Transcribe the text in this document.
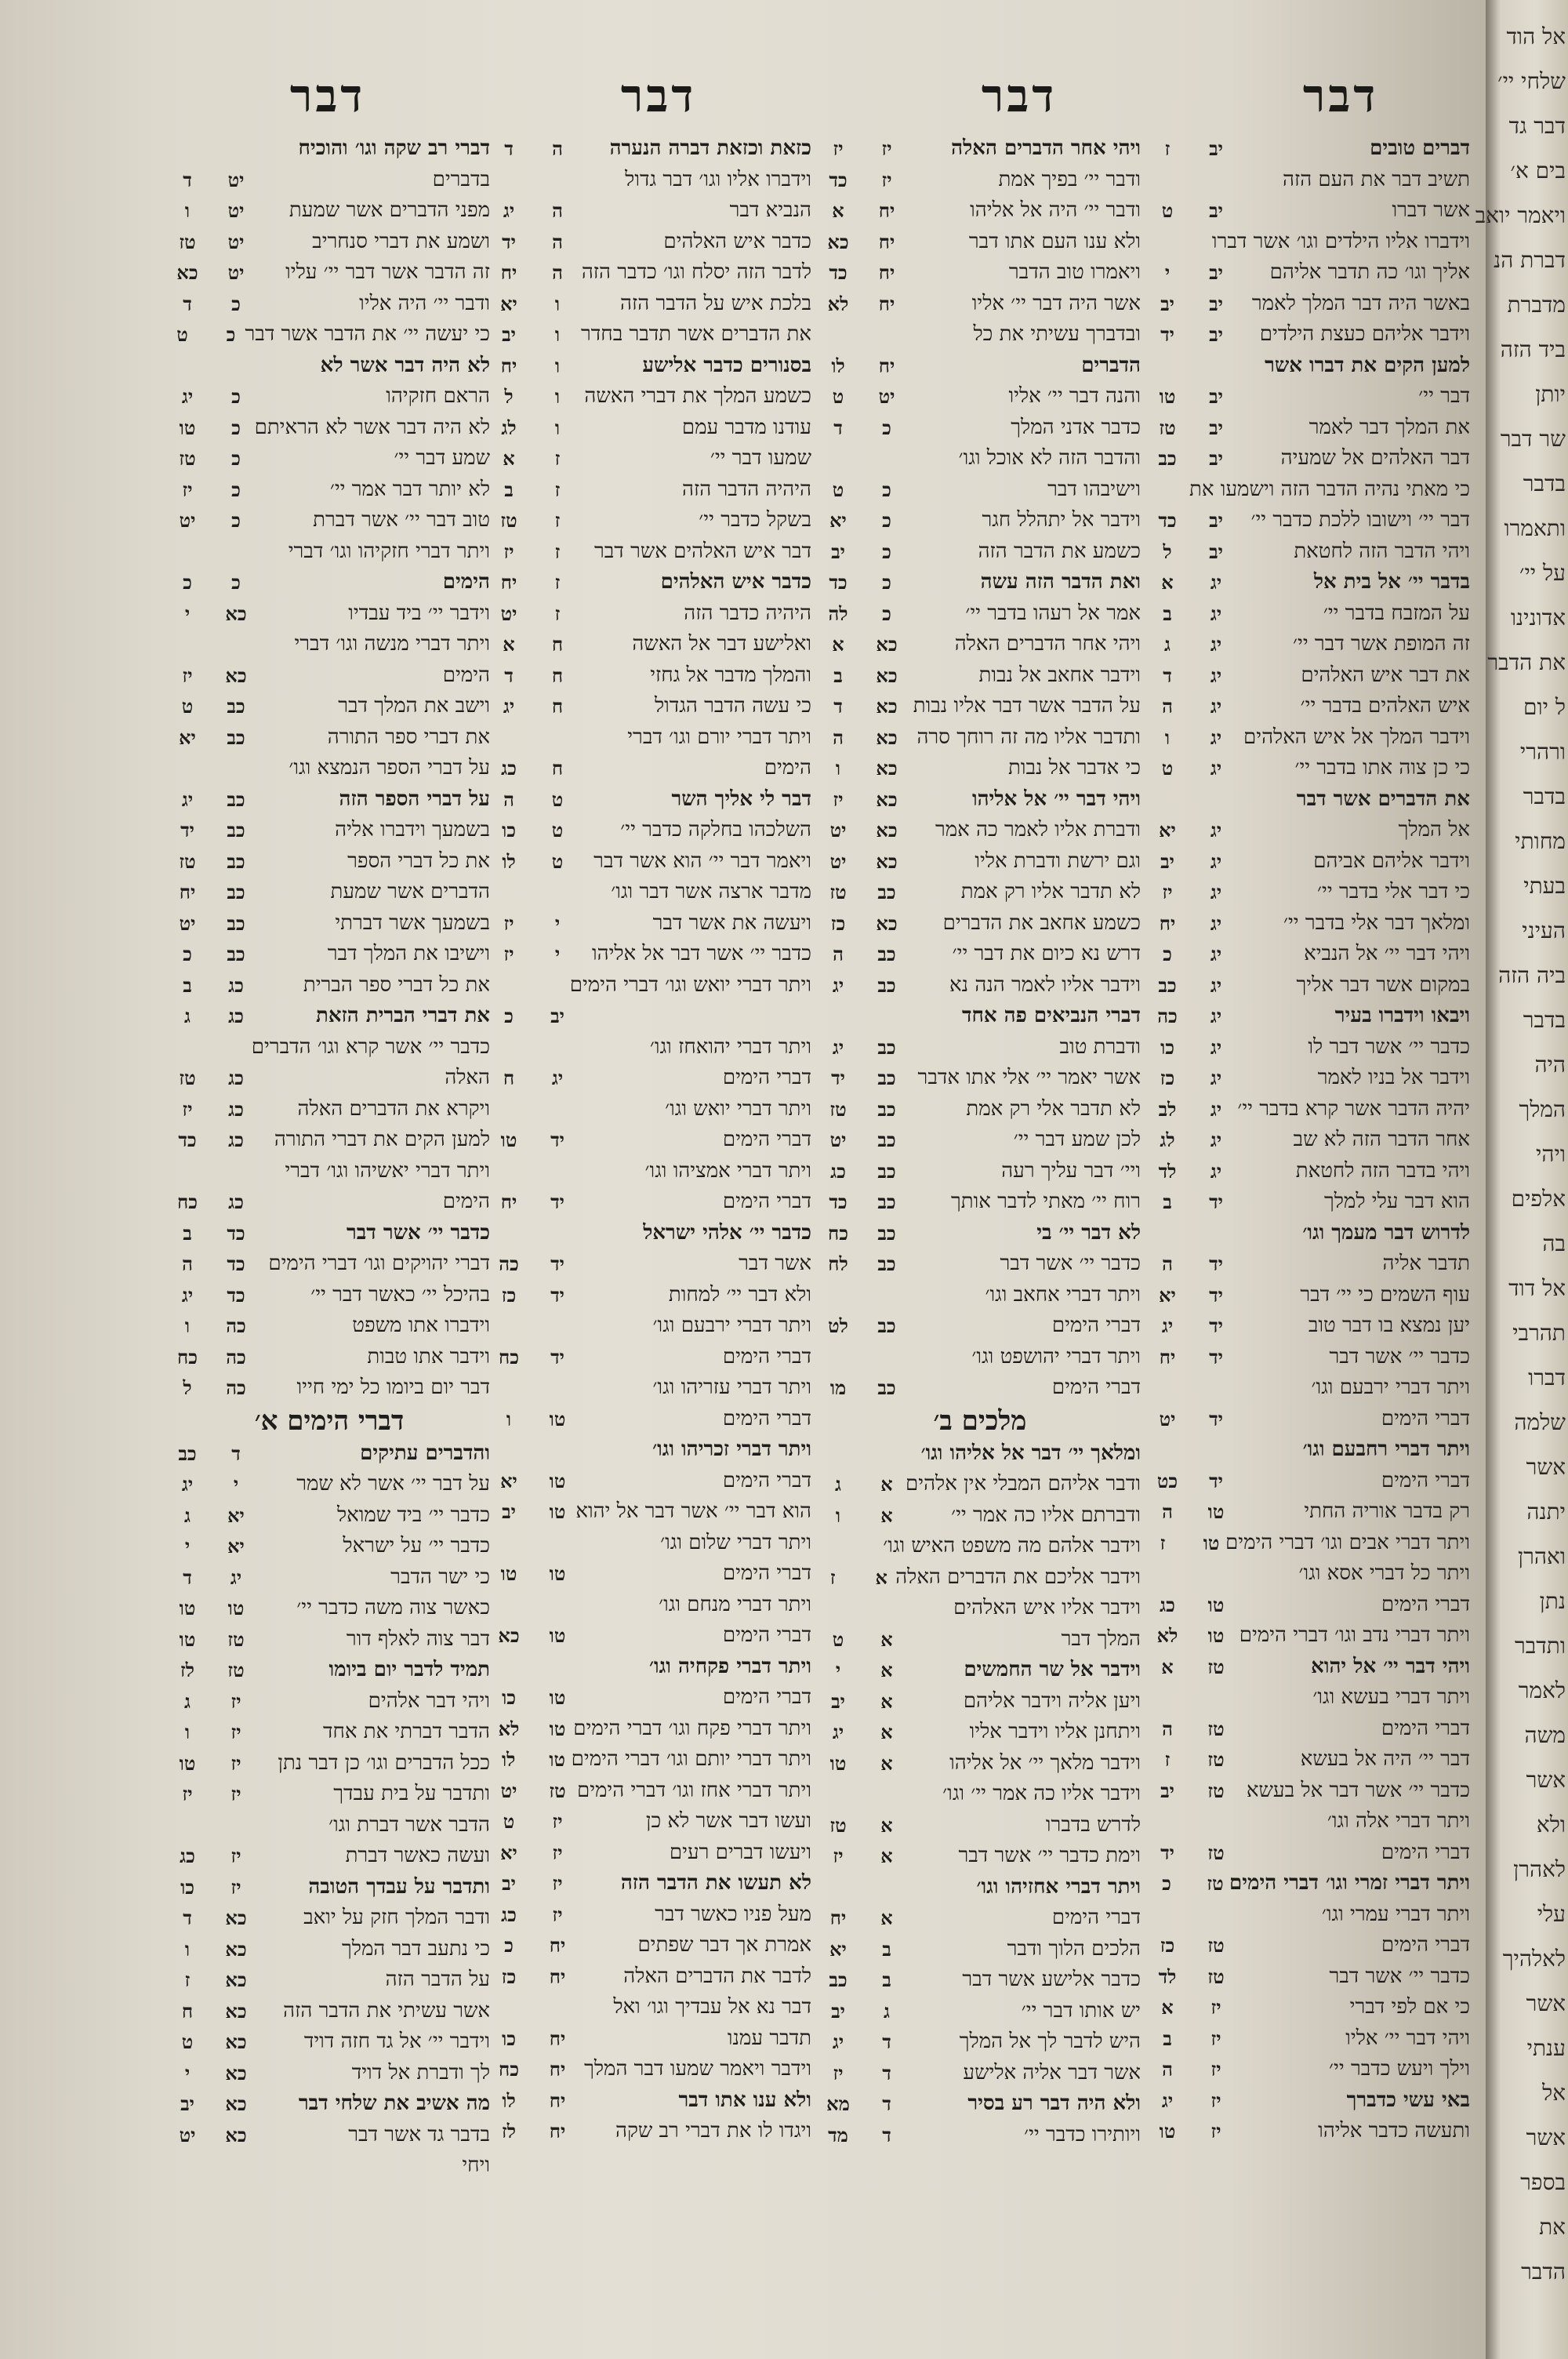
דבר
דבר
דבר
דבר
דברים טובים
יב
ז
תשיב דבר את העם הזה
אשר דברו
יב
ט
וידברו אליו הילדים וגו׳ אשר דברו
אליך וגו׳ כה תדבר אליהם
יב
י
באשר היה דבר המלך לאמר
יב
יב
וידבר אליהם כעצת הילדים
יב
יד
למען הקים את דברו אשר
דבר יי׳
יב
טו
את המלך דבר לאמר
יב
טז
דבר האלהים אל שמעיה
יב
כב
כי מאתי נהיה הדבר הזה וישמעו את
דבר יי׳ וישובו ללכת כדבר יי׳
יב
כד
ויהי הדבר הזה לחטאת
יב
ל
בדבר יי׳ אל בית אל
יג
א
על המזבח בדבר יי׳
יג
ב
זה המופת אשר דבר יי׳
יג
ג
את דבר איש האלהים
יג
ד
איש האלהים בדבר יי׳
יג
ה
וידבר המלך אל איש האלהים
יג
ו
כי כן צוה אתו בדבר יי׳
יג
ט
את הדברים אשר דבר
אל המלך
יג
יא
וידבר אליהם אביהם
יג
יב
כי דבר אלי בדבר יי׳
יג
יז
ומלאך דבר אלי בדבר יי׳
יג
יח
ויהי דבר יי׳ אל הנביא
יג
כ
במקום אשר דבר אליך
יג
כב
ויבאו וידברו בעיר
יג
כה
כדבר יי׳ אשר דבר לו
יג
כו
וידבר אל בניו לאמר
יג
כז
יהיה הדבר אשר קרא בדבר יי׳
יג
לב
אחר הדבר הזה לא שב
יג
לג
ויהי בדבר הזה לחטאת
יג
לד
הוא דבר עלי למלך
יד
ב
לדרוש דבר מעמך וגו׳
תדבר אליה
יד
ה
עוף השמים כי יי׳ דבר
יד
יא
יען נמצא בו דבר טוב
יד
יג
כדבר יי׳ אשר דבר
יד
יח
ויתר דברי ירבעם וגו׳
דברי הימים
יד
יט
ויתר דברי רחבעם וגו׳
דברי הימים
יד
כט
רק בדבר אוריה החתי
טו
ה
ויתר דברי אבים וגו׳ דברי הימים
טו
ז
ויתר כל דברי אסא וגו׳
דברי הימים
טו
כג
ויתר דברי נדב וגו׳ דברי הימים
טו
לא
ויהי דבר יי׳ אל יהוא
טז
א
ויתר דברי בעשא וגו׳
דברי הימים
טז
ה
דבר יי׳ היה אל בעשא
טז
ז
כדבר יי׳ אשר דבר אל בעשא
טז
יב
ויתר דברי אלה וגו׳
דברי הימים
טז
יד
ויתר דברי זמרי וגו׳ דברי הימים
טז
כ
ויתר דברי עמרי וגו׳
דברי הימים
טז
כז
כדבר יי׳ אשר דבר
טז
לד
כי אם לפי דברי
יז
א
ויהי דבר יי׳ אליו
יז
ב
וילך ויעש כדבר יי׳
יז
ה
באי עשי כדברך
יז
יג
ותעשה כדבר אליהו
יז
טו
ויהי אחר הדברים האלה
יז
יז
ודבר יי׳ בפיך אמת
יז
כד
ודבר יי׳ היה אל אליהו
יח
א
ולא ענו העם אתו דבר
יח
כא
ויאמרו טוב הדבר
יח
כד
אשר היה דבר יי׳ אליו
יח
לא
ובדברך עשיתי את כל
הדברים
יח
לו
והנה דבר יי׳ אליו
יט
ט
כדבר אדני המלך
כ
ד
והדבר הזה לא אוכל וגו׳
וישיבהו דבר
כ
ט
וידבר אל יתהלל חגר
כ
יא
כשמע את הדבר הזה
כ
יב
ואת הדבר הזה עשה
כ
כד
אמר אל רעהו בדבר יי׳
כ
לה
ויהי אחר הדברים האלה
כא
א
וידבר אחאב אל נבות
כא
ב
על הדבר אשר דבר אליו נבות
כא
ד
ותדבר אליו מה זה רוחך סרה
כא
ה
כי אדבר אל נבות
כא
ו
ויהי דבר יי׳ אל אליהו
כא
יז
ודברת אליו לאמר כה אמר
כא
יט
וגם ירשת ודברת אליו
כא
יט
לא תדבר אליו רק אמת
כב
טז
כשמע אחאב את הדברים
כא
כז
דרש נא כיום את דבר יי׳
כב
ה
וידבר אליו לאמר הנה נא
כב
יג
דברי הנביאים פה אחד
ודברת טוב
כב
יג
אשר יאמר יי׳ אלי אתו אדבר
כב
יד
לא תדבר אלי רק אמת
כב
טז
לכן שמע דבר יי׳
כב
יט
ויי׳ דבר עליך רעה
כב
כג
רוח יי׳ מאתי לדבר אותך
כב
כד
לא דבר יי׳ בי
כב
כח
כדבר יי׳ אשר דבר
כב
לח
ויתר דברי אחאב וגו׳
דברי הימים
כב
לט
ויתר דברי יהושפט וגו׳
דברי הימים
כב
מו
מלכים ב׳
ומלאך יי׳ דבר אל אליהו וגו׳
ודבר אליהם המבלי אין אלהים
א
ג
ודברתם אליו כה אמר יי׳
א
ו
וידבר אלהם מה משפט האיש וגו׳
וידבר אליכם את הדברים האלה
א
ז
וידבר אליו איש האלהים
המלך דבר
א
ט
וידבר אל שר החמשים
א
י
ויען אליה וידבר אליהם
א
יב
ויתחנן אליו וידבר אליו
א
יג
וידבר מלאך יי׳ אל אליהו
א
טו
וידבר אליו כה אמר יי׳ וגו׳
לדרש בדברו
א
טז
וימת כדבר יי׳ אשר דבר
א
יז
ויתר דברי אחזיהו וגו׳
דברי הימים
א
יח
הלכים הלוך ודבר
ב
יא
כדבר אלישע אשר דבר
ב
כב
יש אותו דבר יי׳
ג
יב
היש לדבר לך אל המלך
ד
יג
אשר דבר אליה אלישע
ד
יז
ולא היה דבר רע בסיר
ד
מא
ויותירו כדבר יי׳
ד
מד
כזאת וכזאת דברה הנערה
ה
ד
וידברו אליו וגו׳ דבר גדול
הנביא דבר
ה
יג
כדבר איש האלהים
ה
יד
לדבר הזה יסלח וגו׳ כדבר הזה
ה
יח
בלכת איש על הדבר הזה
ו
יא
את הדברים אשר תדבר בחדר
ו
יב
בסנורים כדבר אלישע
ו
יח
כשמע המלך את דברי האשה
ו
ל
עודנו מדבר עמם
ו
לג
שמעו דבר יי׳
ז
א
היהיה הדבר הזה
ז
ב
בשקל כדבר יי׳
ז
טז
דבר איש האלהים אשר דבר
ז
יז
כדבר איש האלהים
ז
יח
היהיה כדבר הזה
ז
יט
ואלישע דבר אל האשה
ח
א
והמלך מדבר אל גחזי
ח
ד
כי עשה הדבר הגדול
ח
יג
ויתר דברי יורם וגו׳ דברי
הימים
ח
כג
דבר לי אליך השר
ט
ה
השלכהו בחלקה כדבר יי׳
ט
כו
ויאמר דבר יי׳ הוא אשר דבר
ט
לו
מדבר ארצה אשר דבר וגו׳
ויעשה את אשר דבר
י
יז
כדבר יי׳ אשר דבר אל אליהו
י
יז
ויתר דברי יואש וגו׳ דברי הימים
יב
כ
ויתר דברי יהואחז וגו׳
דברי הימים
יג
ח
ויתר דברי יואש וגו׳
דברי הימים
יד
טו
ויתר דברי אמציהו וגו׳
דברי הימים
יד
יח
כדבר יי׳ אלהי ישראל
אשר דבר
יד
כה
ולא דבר יי׳ למחות
יד
כז
ויתר דברי ירבעם וגו׳
דברי הימים
יד
כח
ויתר דברי עזריהו וגו׳
דברי הימים
טו
ו
ויתר דברי זכריהו וגו׳
דברי הימים
טו
יא
הוא דבר יי׳ אשר דבר אל יהוא
טו
יב
ויתר דברי שלום וגו׳
דברי הימים
טו
טו
ויתר דברי מנחם וגו׳
דברי הימים
טו
כא
ויתר דברי פקחיה וגו׳
דברי הימים
טו
כו
ויתר דברי פקח וגו׳ דברי הימים
טו
לא
ויתר דברי יותם וגו׳ דברי הימים
טו
לו
ויתר דברי אחז וגו׳ דברי הימים
טז
יט
ועשו דבר אשר לא כן
יז
ט
ויעשו דברים רעים
יז
יא
לא תעשו את הדבר הזה
יז
יב
מעל פניו כאשר דבר
יז
כג
אמרת אך דבר שפתים
יח
כ
לדבר את הדברים האלה
יח
כז
דבר נא אל עבדיך וגו׳ ואל
תדבר עמנו
יח
כו
וידבר ויאמר שמעו דבר המלך
יח
כח
ולא ענו אתו דבר
יח
לו
ויגדו לו את דברי רב שקה
יח
לז
דברי רב שקה וגו׳ והוכיח
בדברים
יט
ד
מפני הדברים אשר שמעת
יט
ו
ושמע את דברי סנחריב
יט
טז
זה הדבר אשר דבר יי׳ עליו
יט
כא
ודבר יי׳ היה אליו
כ
ד
כי יעשה יי׳ את הדבר אשר דבר
כ
ט
לא היה דבר אשר לא
הראם חזקיהו
כ
יג
לא היה דבר אשר לא הראיתם
כ
טו
שמע דבר יי׳
כ
טז
לא יותר דבר אמר יי׳
כ
יז
טוב דבר יי׳ אשר דברת
כ
יט
ויתר דברי חזקיהו וגו׳ דברי
הימים
כ
כ
וידבר יי׳ ביד עבדיו
כא
י
ויתר דברי מנשה וגו׳ דברי
הימים
כא
יז
וישב את המלך דבר
כב
ט
את דברי ספר התורה
כב
יא
על דברי הספר הנמצא וגו׳
על דברי הספר הזה
כב
יג
בשמעך וידברו אליה
כב
יד
את כל דברי הספר
כב
טז
הדברים אשר שמעת
כב
יח
בשמעך אשר דברתי
כב
יט
וישיבו את המלך דבר
כב
כ
את כל דברי ספר הברית
כג
ב
את דברי הברית הזאת
כג
ג
כדבר יי׳ אשר קרא וגו׳ הדברים
האלה
כג
טז
ויקרא את הדברים האלה
כג
יז
למען הקים את דברי התורה
כג
כד
ויתר דברי יאשיהו וגו׳ דברי
הימים
כג
כח
כדבר יי׳ אשר דבר
כד
ב
דברי יהויקים וגו׳ דברי הימים
כד
ה
בהיכל יי׳ כאשר דבר יי׳
כד
יג
וידברו אתו משפט
כה
ו
וידבר אתו טבות
כה
כח
דבר יום ביומו כל ימי חייו
כה
ל
דברי הימים א׳
והדברים עתיקים
ד
כב
על דבר יי׳ אשר לא שמר
י
יג
כדבר יי׳ ביד שמואל
יא
ג
כדבר יי׳ על ישראל
יא
י
כי ישר הדבר
יג
ד
כאשר צוה משה כדבר יי׳
טו
טו
דבר צוה לאלף דור
טז
טו
תמיד לדבר יום ביומו
טז
לז
ויהי דבר אלהים
יז
ג
הדבר דברתי את אחד
יז
ו
ככל הדברים וגו׳ כן דבר נתן
יז
טו
ותדבר על בית עבדך
יז
יז
הדבר אשר דברת וגו׳
ועשה כאשר דברת
יז
כג
ותדבר על עבדך הטובה
יז
כו
ודבר המלך חזק על יואב
כא
ד
כי נתעב דבר המלך
כא
ו
על הדבר הזה
כא
ז
אשר עשיתי את הדבר הזה
כא
ח
וידבר יי׳ אל גד חזה דויד
כא
ט
לך ודברת אל דויד
כא
י
מה אשיב את שלחי דבר
כא
יב
בדבר גד אשר דבר
כא
יט
ויחי
אל הוד
שלחי יי׳
דבר גד
בים א׳
ויאמר יואב
דברת הנ
מדברת
ביד הזה
יותן
שר דבר
בדבר
ותאמרו
על יי׳
אדונינו
את הדבר
ל יום
ורהרי
בדבר
מחותי
בעתי
העיני
ביה הזה
בדבר
היה
המלך
ויהי
אלפים
בה
אל דוד
תהרבי
דברו
שלמה
אשר
יתנה
ואהרן
נתן
ותדבר
לאמר
משה
אשר
ולא
לאהרן
עלי
לאלהיך
אשר
ענתי
אל
אשר
בספר
את
הדבר
